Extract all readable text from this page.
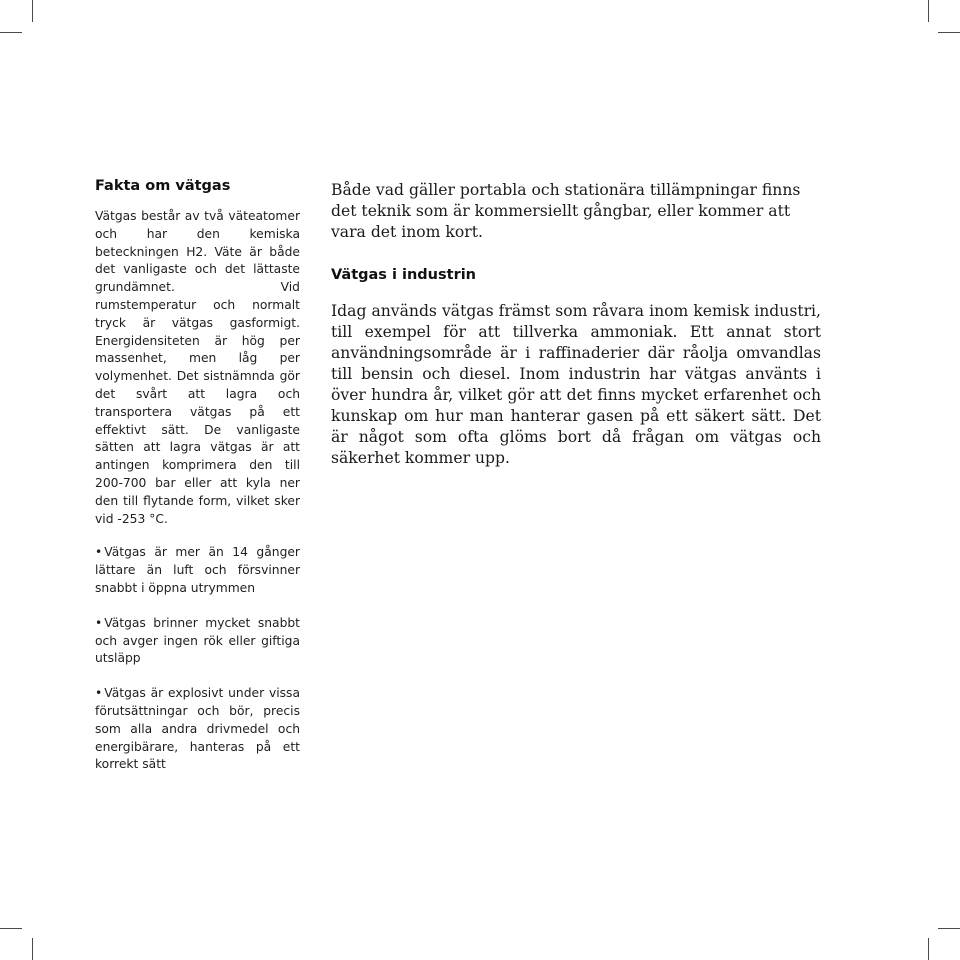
Fakta om vätgas

Vätgas består av två väteatomer och har den kemiska beteckningen H2. Väte är både det vanligaste och det lättaste grundämnet. Vid rumstemperatur och normalt tryck är vätgas gasformigt. Energidensiteten är hög per massenhet, men låg per volymenhet. Det sistnämnda gör det svårt att lagra och transportera vätgas på ett effektivt sätt. De vanligaste sätten att lagra vätgas är att antingen komprimera den till 200-700 bar eller att kyla ner den till flytande form, vilket sker vid -253 °C.

• Vätgas är mer än 14 gånger lättare än luft och försvinner snabbt i öppna utrymmen
• Vätgas brinner mycket snabbt och avger ingen rök eller giftiga utsläpp
• Vätgas är explosivt under vissa förutsättningar och bör, precis som alla andra drivmedel och energibärare, hanteras på ett korrekt sätt

Både vad gäller portabla och stationära tillämpningar finns det teknik som är kommersiellt gångbar, eller kommer att vara det inom kort.

Vätgas i industrin

Idag används vätgas främst som råvara inom kemisk industri, till exempel för att tillverka ammoniak. Ett annat stort användningsområde är i raffinaderier där råolja omvandlas till bensin och diesel. Inom industrin har vätgas använts i över hundra år, vilket gör att det finns mycket erfarenhet och kunskap om hur man hanterar gasen på ett säkert sätt. Det är något som ofta glöms bort då frågan om vätgas och säkerhet kommer upp.
